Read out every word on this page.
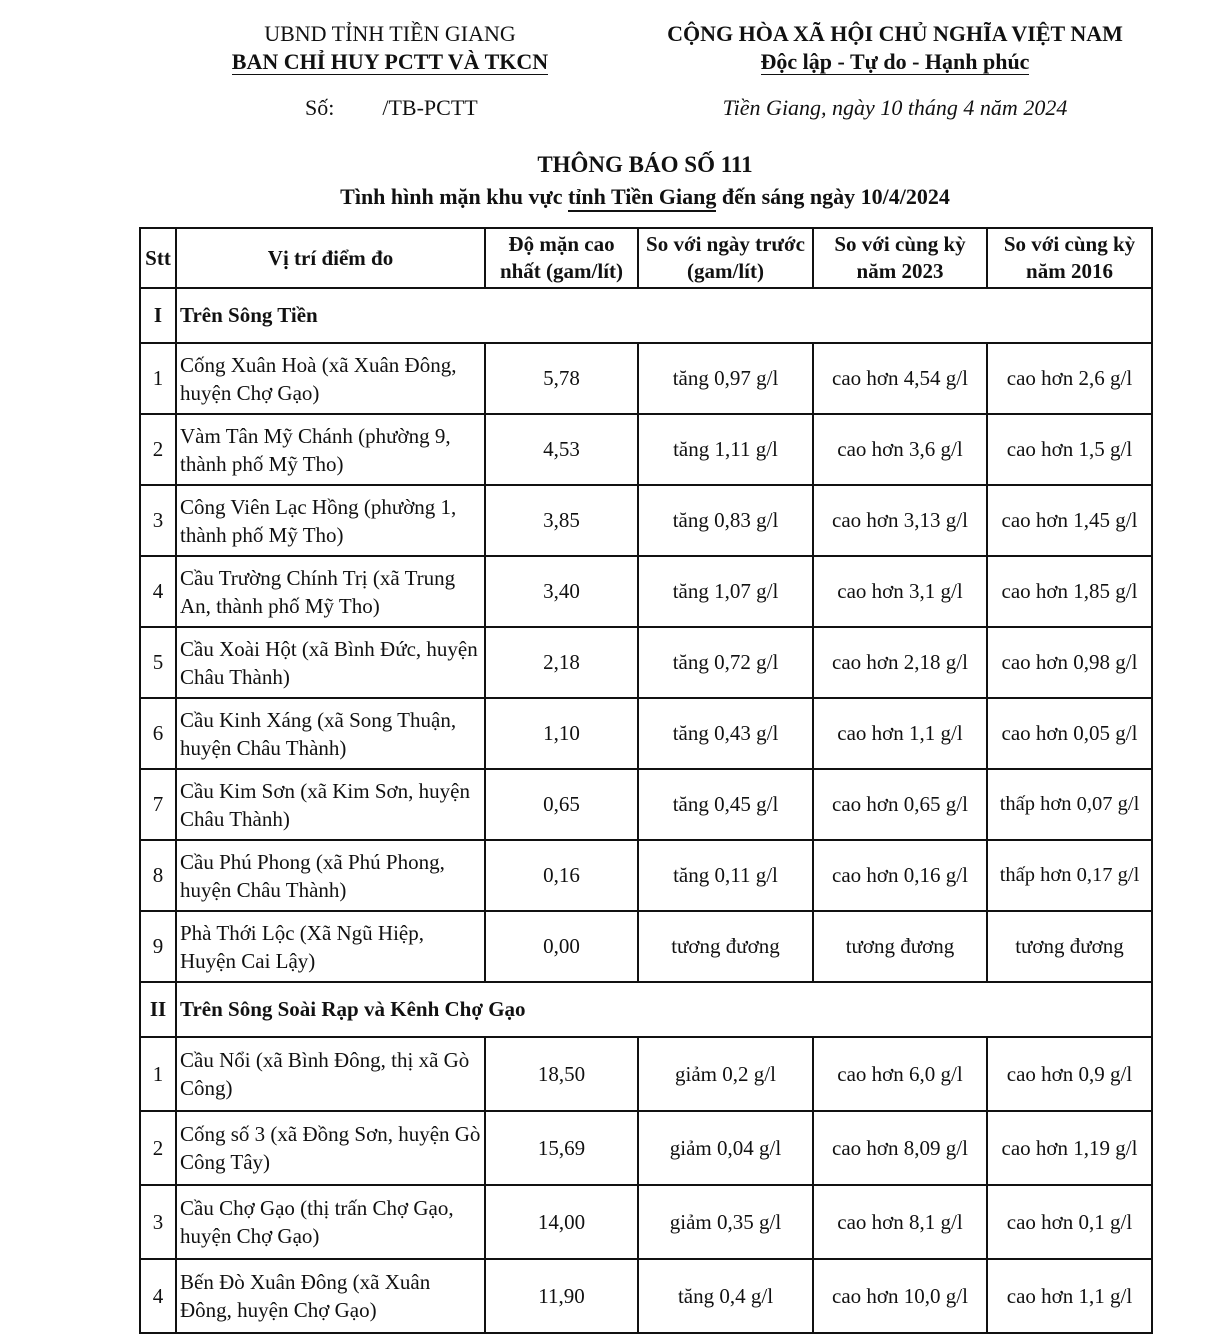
UBND TỈNH TIỀN GIANG
BAN CHỈ HUY PCTT VÀ TKCN
CỘNG HÒA XÃ HỘI CHỦ NGHĨA VIỆT NAM
Độc lập - Tự do - Hạnh phúc
Số: /TB-PCTT	Tiền Giang, ngày 10 tháng 4 năm 2024
THÔNG BÁO SỐ 111
Tình hình mặn khu vực tỉnh Tiền Giang đến sáng ngày 10/4/2024
Stt	Vị trí điểm đo	Độ mặn cao nhất (gam/lít)	So với ngày trước (gam/lít)	So với cùng kỳ năm 2023	So với cùng kỳ năm 2016
I	Trên Sông Tiền				
1	Cống Xuân Hoà (xã Xuân Đông, huyện Chợ Gạo)	5,78	tăng 0,97 g/l	cao hơn 4,54 g/l	cao hơn 2,6 g/l
2	Vàm Tân Mỹ Chánh (phường 9, thành phố Mỹ Tho)	4,53	tăng 1,11 g/l	cao hơn 3,6 g/l	cao hơn 1,5 g/l
3	Công Viên Lạc Hồng (phường 1, thành phố Mỹ Tho)	3,85	tăng 0,83 g/l	cao hơn 3,13 g/l	cao hơn 1,45 g/l
4	Cầu Trường Chính Trị (xã Trung An, thành phố Mỹ Tho)	3,40	tăng 1,07 g/l	cao hơn 3,1 g/l	cao hơn 1,85 g/l
5	Cầu Xoài Hột (xã Bình Đức, huyện Châu Thành)	2,18	tăng 0,72 g/l	cao hơn 2,18 g/l	cao hơn 0,98 g/l
6	Cầu Kinh Xáng (xã Song Thuận, huyện Châu Thành)	1,10	tăng 0,43 g/l	cao hơn 1,1 g/l	cao hơn 0,05 g/l
7	Cầu Kim Sơn (xã Kim Sơn, huyện Châu Thành)	0,65	tăng 0,45 g/l	cao hơn 0,65 g/l	thấp hơn 0,07 g/l
8	Cầu Phú Phong (xã Phú Phong, huyện Châu Thành)	0,16	tăng 0,11 g/l	cao hơn 0,16 g/l	thấp hơn 0,17 g/l
9	Phà Thới Lộc (Xã Ngũ Hiệp, Huyện Cai Lậy)	0,00	tương đương	tương đương	tương đương
II	Trên Sông Soài Rạp và Kênh Chợ Gạo				
1	Cầu Nổi (xã Bình Đông, thị xã Gò Công)	18,50	giảm 0,2 g/l	cao hơn 6,0 g/l	cao hơn 0,9 g/l
2	Cống số 3 (xã Đồng Sơn, huyện Gò Công Tây)	15,69	giảm 0,04 g/l	cao hơn 8,09 g/l	cao hơn 1,19 g/l
3	Cầu Chợ Gạo (thị trấn Chợ Gạo, huyện Chợ Gạo)	14,00	giảm 0,35 g/l	cao hơn 8,1 g/l	cao hơn 0,1 g/l
4	Bến Đò Xuân Đông (xã Xuân Đông, huyện Chợ Gạo)	11,90	tăng 0,4 g/l	cao hơn 10,0 g/l	cao hơn 1,1 g/l
